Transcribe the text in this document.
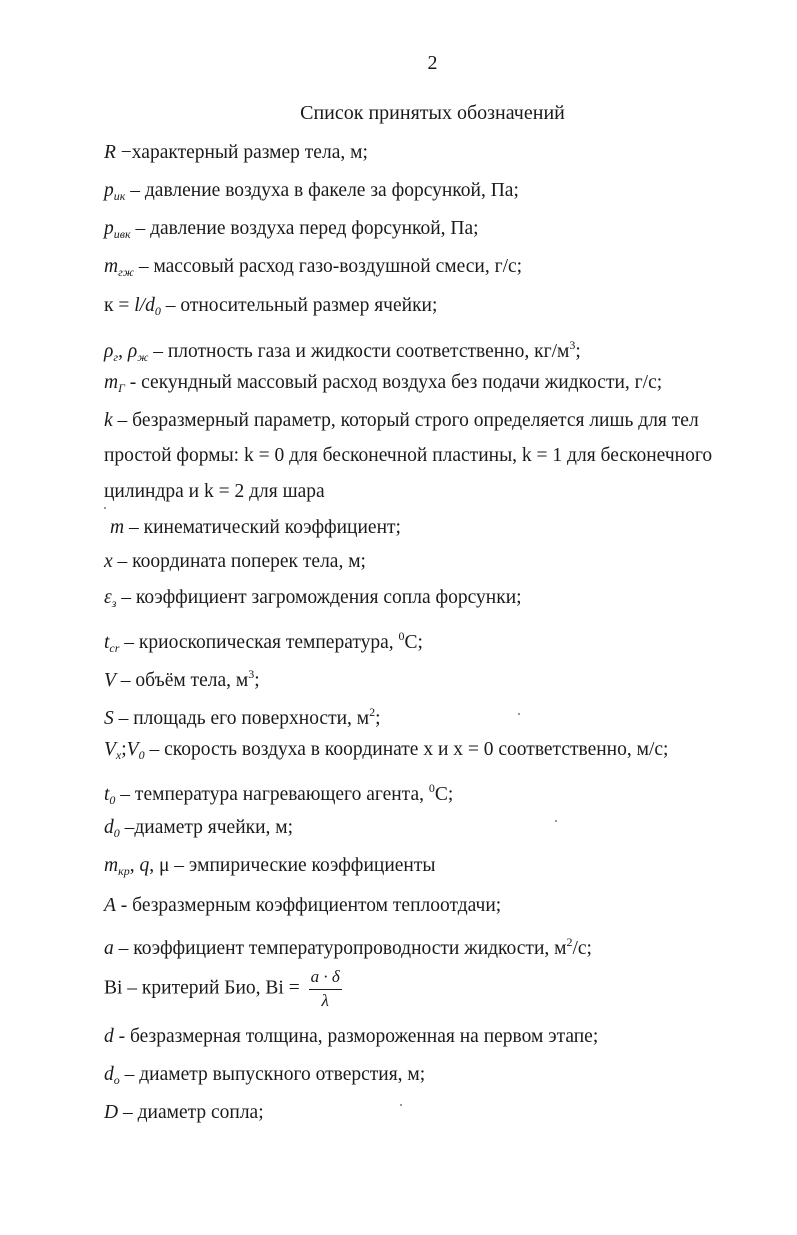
2
Список принятых обозначений
R −характерный размер тела, м;
$p_{ик}$ – давление воздуха в факеле за форсункой, Па;
$p_{ивк}$ – давление воздуха перед форсункой, Па;
$m_{гж}$ – массовый расход газо-воздушной смеси, г/с;
$к = l/d_0$ – относительный размер ячейки;
$\rho_г$, $\rho_ж$ – плотность газа и жидкости соответственно, $кг/м^3$;
$m_Г$ - секундный массовый расход воздуха без подачи жидкости, г/с;
k – безразмерный параметр, который строго определяется лишь для тел
простой формы: k = 0 для бесконечной пластины, k = 1 для бесконечного
цилиндра и k = 2 для шара
m – кинематический коэффициент;
x – координата поперек тела, м;
$\varepsilon_з$ – коэффициент загромождения сопла форсунки;
$t_{cr}$ – криоскопическая температура, $^0$С;
V – объём тела, $м^3$;
S – площадь его поверхности, $м^2$;
$V_x;V_0$ – скорость воздуха в координате x и x = 0 соответственно, м/с;
$t_0$ – температура нагревающего агента, $^0$С;
$d_0$ –диаметр ячейки, м;
$m_{кр}$, q, μ – эмпирические коэффициенты
A - безразмерным коэффициентом теплоотдачи;
a – коэффициент температуропроводности жидкости, $м^2/с$;
Bi – критерий Био, $Bi = \frac{a \cdot \delta}{\lambda}$
d - безразмерная толщина, размороженная на первом этапе;
$d_о$ – диаметр выпускного отверстия, м;
D – диаметр сопла;
